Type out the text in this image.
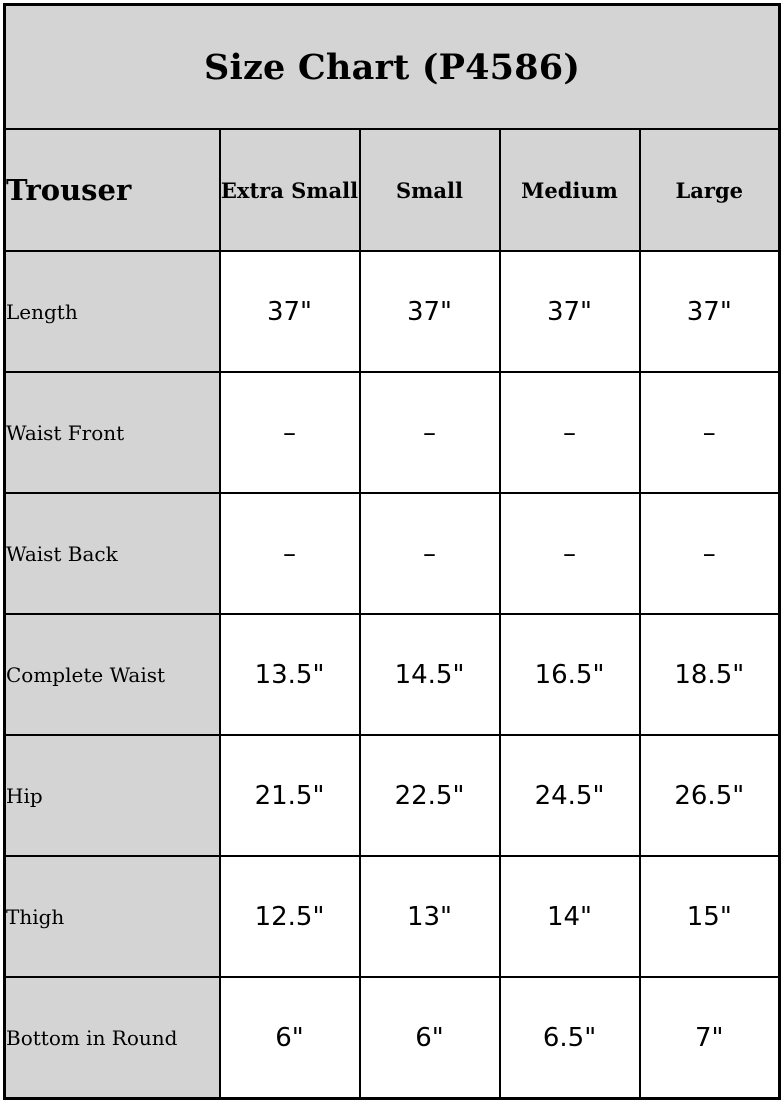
Size Chart (P4586)				
Trouser	Extra Small	Small	Medium	Large
Length	37"	37"	37"	37"
Waist Front	–	–	–	–
Waist Back	–	–	–	–
Complete Waist	13.5"	14.5"	16.5"	18.5"
Hip	21.5"	22.5"	24.5"	26.5"
Thigh	12.5"	13"	14"	15"
Bottom in Round	6"	6"	6.5"	7"
